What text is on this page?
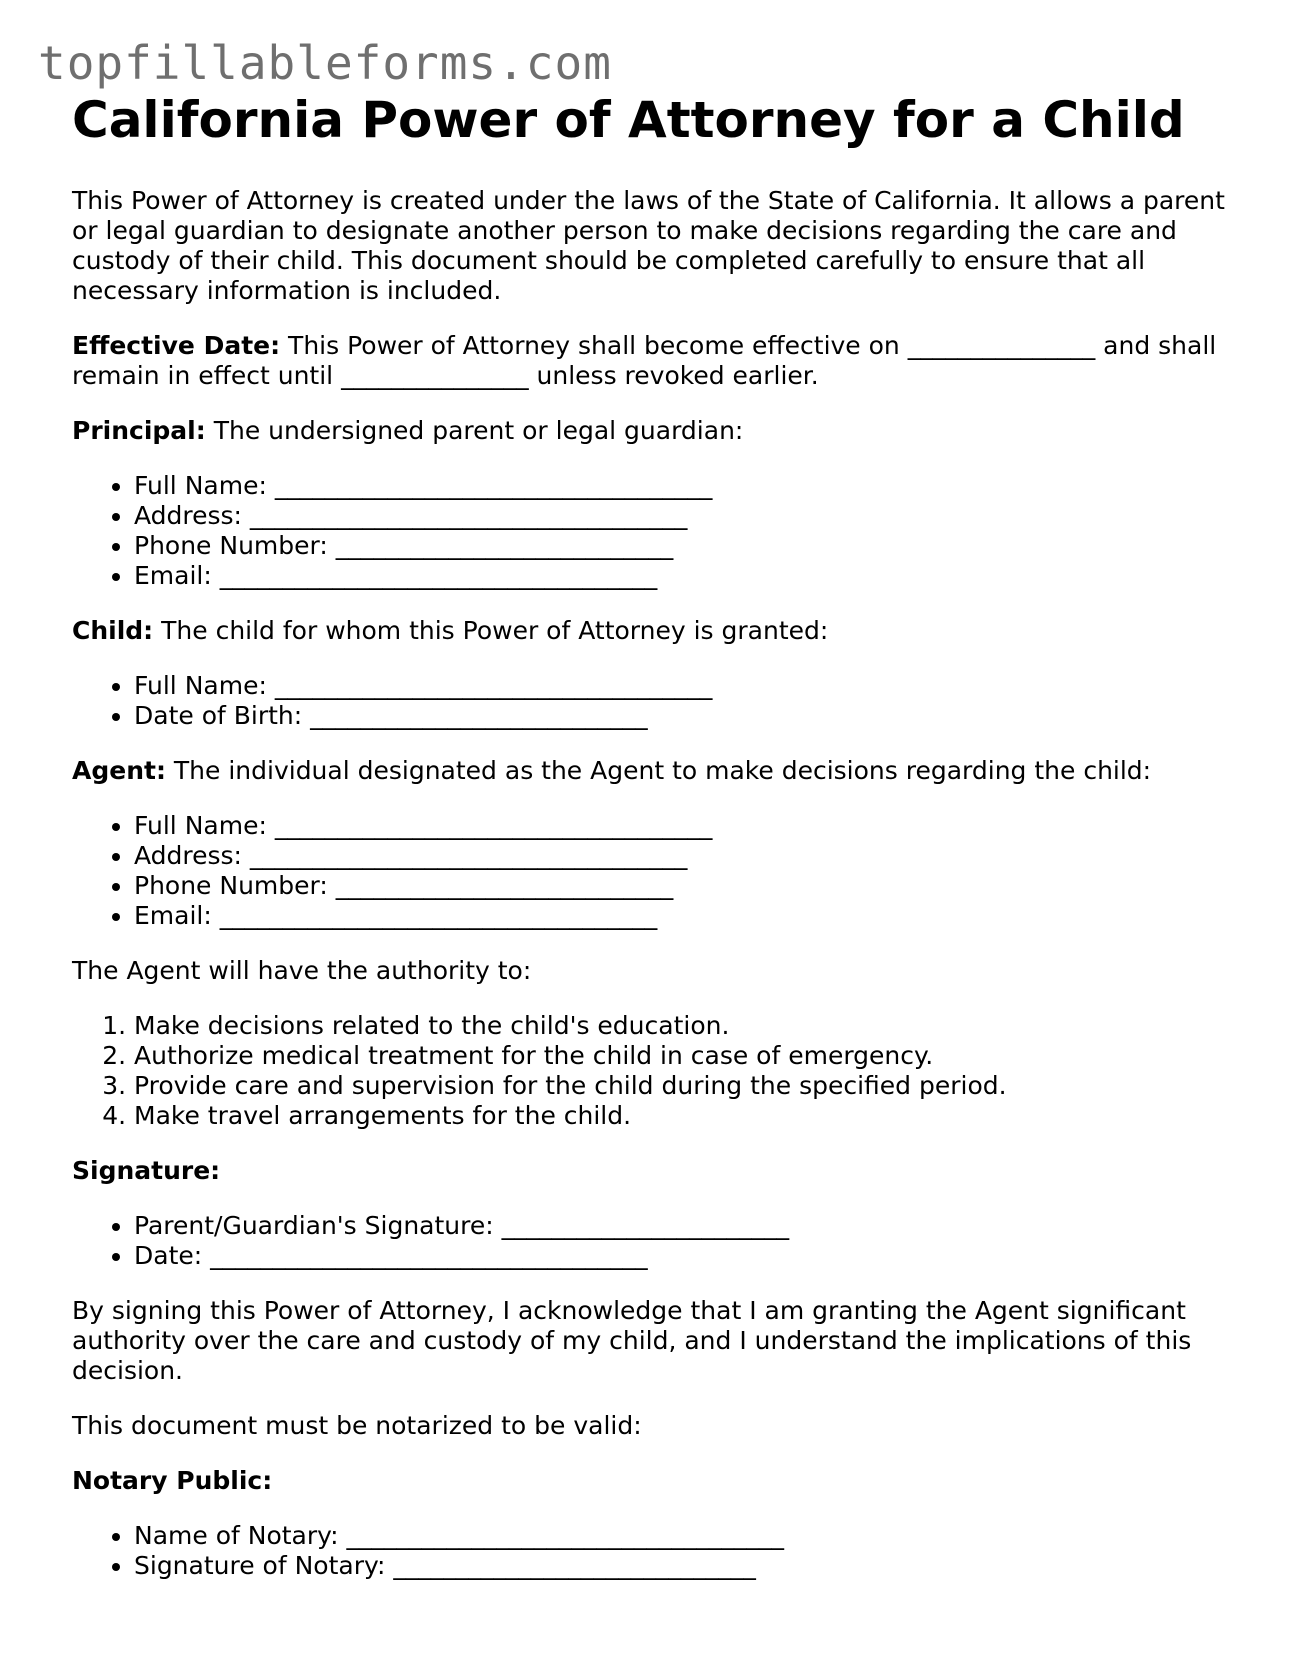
topfillableforms.com
California Power of Attorney for a Child

This Power of Attorney is created under the laws of the State of California. It allows a parent or legal guardian to designate another person to make decisions regarding the care and custody of their child. This document should be completed carefully to ensure that all necessary information is included.

Effective Date: This Power of Attorney shall become effective on _______________ and shall remain in effect until _______________ unless revoked earlier.

Principal: The undersigned parent or legal guardian:

• Full Name: ___________________________________
• Address: ___________________________________
• Phone Number: ___________________________
• Email: ___________________________________

Child: The child for whom this Power of Attorney is granted:

• Full Name: ___________________________________
• Date of Birth: ___________________________

Agent: The individual designated as the Agent to make decisions regarding the child:

• Full Name: ___________________________________
• Address: ___________________________________
• Phone Number: ___________________________
• Email: ___________________________________

The Agent will have the authority to:

1. Make decisions related to the child's education.
2. Authorize medical treatment for the child in case of emergency.
3. Provide care and supervision for the child during the specified period.
4. Make travel arrangements for the child.

Signature:

• Parent/Guardian's Signature: _______________________
• Date: ___________________________________

By signing this Power of Attorney, I acknowledge that I am granting the Agent significant authority over the care and custody of my child, and I understand the implications of this decision.

This document must be notarized to be valid:

Notary Public:

• Name of Notary: ___________________________________
• Signature of Notary: _____________________________
